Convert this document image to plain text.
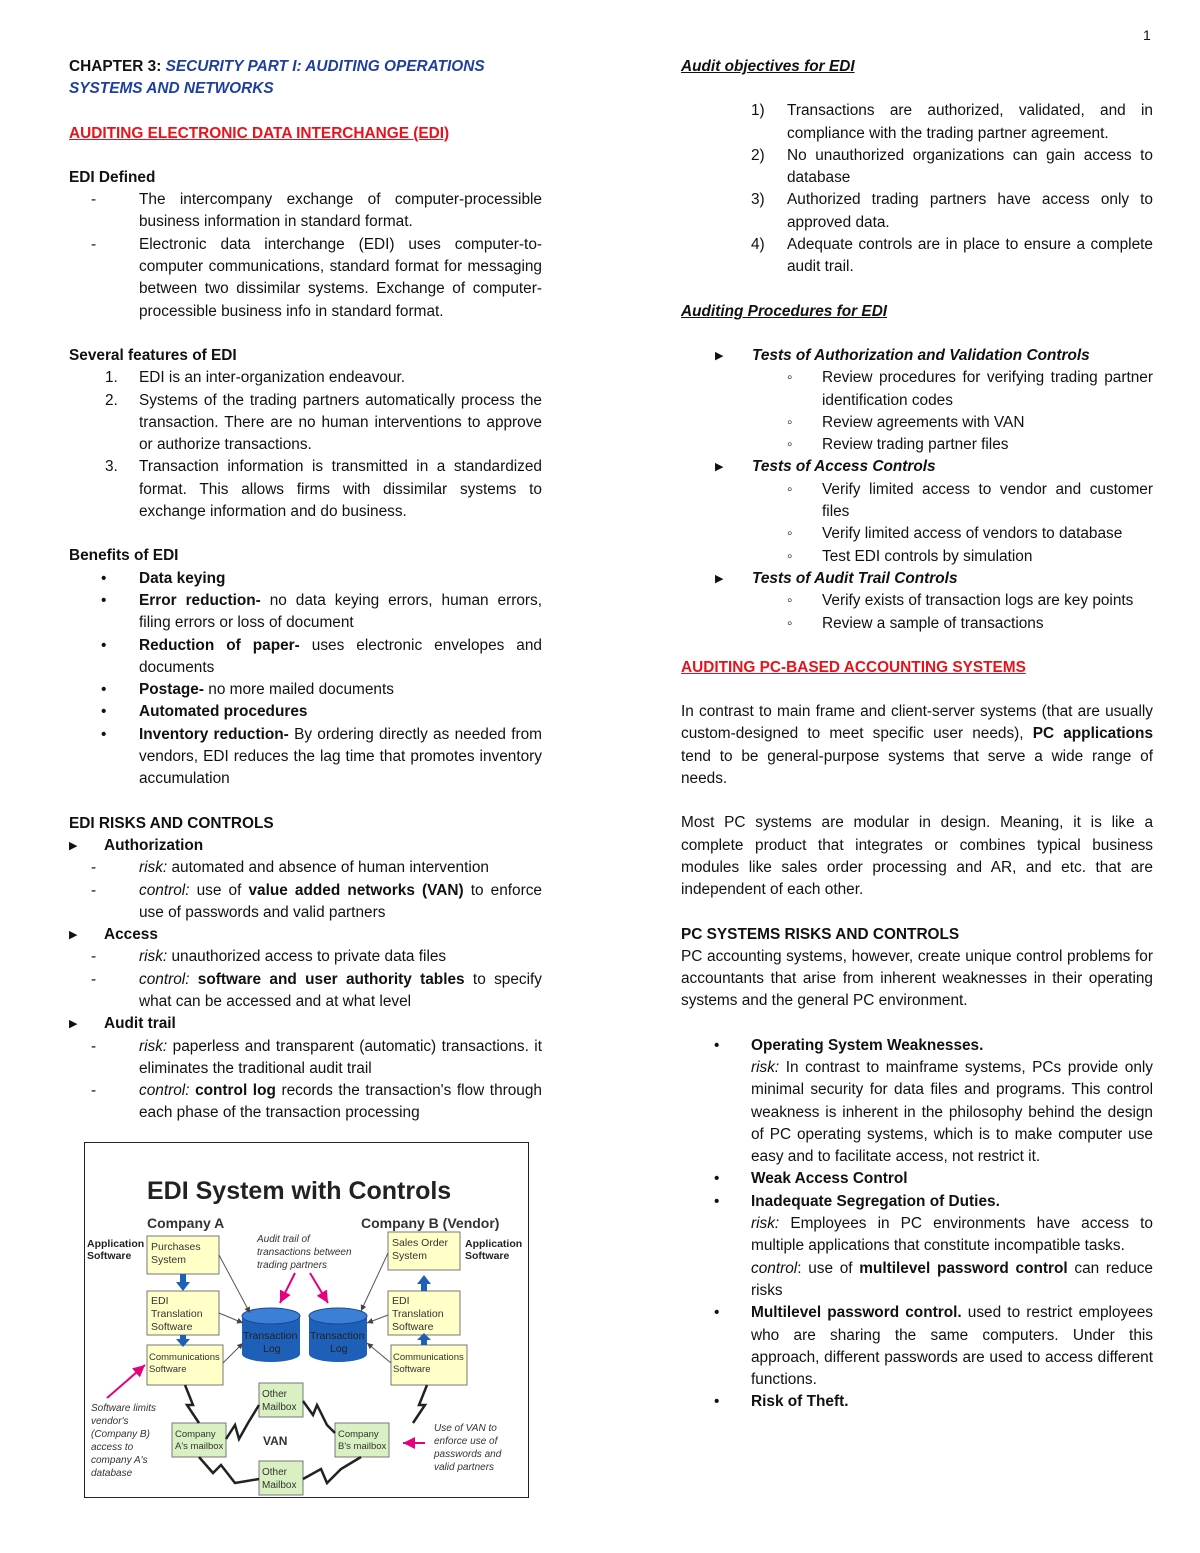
1
CHAPTER 3: SECURITY PART I: AUDITING OPERATIONS
SYSTEMS AND NETWORKS
AUDITING ELECTRONIC DATA INTERCHANGE (EDI)
EDI Defined
-	The intercompany exchange of computer-processible business information in standard format.
-	Electronic data interchange (EDI) uses computer-to-computer communications, standard format for messaging between two dissimilar systems. Exchange of computer-processible business info in standard format.
Several features of EDI
1.	EDI is an inter-organization endeavour.
2.	Systems of the trading partners automatically process the transaction. There are no human interventions to approve or authorize transactions.
3.	Transaction information is transmitted in a standardized format. This allows firms with dissimilar systems to exchange information and do business.
Benefits of EDI
•	Data keying
•	Error reduction- no data keying errors, human errors, filing errors or loss of document
•	Reduction of paper- uses electronic envelopes and documents
•	Postage- no more mailed documents
•	Automated procedures
•	Inventory reduction- By ordering directly as needed from vendors, EDI reduces the lag time that promotes inventory accumulation
EDI RISKS AND CONTROLS
▶	Authorization
-	risk: automated and absence of human intervention
-	control: use of value added networks (VAN) to enforce use of passwords and valid partners
▶	Access
-	risk: unauthorized access to private data files
-	control: software and user authority tables to specify what can be accessed and at what level
▶	Audit trail
-	risk: paperless and transparent (automatic) transactions. it eliminates the traditional audit trail
-	control: control log records the transaction's flow through each phase of the transaction processing
EDI System with Controls
Company A	Company B (Vendor)
Application
Software
Application
Software
Purchases
System
EDI
Translation
Software
Communications
Software
Sales Order
System
EDI
Translation
Software
Communications
Software
Transaction
Log
Transaction
Log
Audit trail of
transactions between
trading partners
Other
Mailbox
Company
A's mailbox
Company
B's mailbox
VAN
Other
Mailbox
Software limits
vendor's
(Company B)
access to
company A's
database
Use of VAN to
enforce use of
passwords and
valid partners
Audit objectives for EDI
1)	Transactions are authorized, validated, and in compliance with the trading partner agreement.
2)	No unauthorized organizations can gain access to database
3)	Authorized trading partners have access only to approved data.
4)	Adequate controls are in place to ensure a complete audit trail.
Auditing Procedures for EDI
▶	Tests of Authorization and Validation Controls
◦	Review procedures for verifying trading partner identification codes
◦	Review agreements with VAN
◦	Review trading partner files
▶	Tests of Access Controls
◦	Verify limited access to vendor and customer files
◦	Verify limited access of vendors to database
◦	Test EDI controls by simulation
▶	Tests of Audit Trail Controls
◦	Verify exists of transaction logs are key points
◦	Review a sample of transactions
AUDITING PC-BASED ACCOUNTING SYSTEMS
In contrast to main frame and client-server systems (that are usually custom-designed to meet specific user needs), PC applications tend to be general-purpose systems that serve a wide range of needs.
Most PC systems are modular in design. Meaning, it is like a complete product that integrates or combines typical business modules like sales order processing and AR, and etc. that are independent of each other.
PC SYSTEMS RISKS AND CONTROLS
PC accounting systems, however, create unique control problems for accountants that arise from inherent weaknesses in their operating systems and the general PC environment.
•	Operating System Weaknesses.
risk: In contrast to mainframe systems, PCs provide only minimal security for data files and programs. This control weakness is inherent in the philosophy behind the design of PC operating systems, which is to make computer use easy and to facilitate access, not restrict it.
•	Weak Access Control
•	Inadequate Segregation of Duties.
risk: Employees in PC environments have access to multiple applications that constitute incompatible tasks.
control: use of multilevel password control can reduce risks
•	Multilevel password control. used to restrict employees who are sharing the same computers. Under this approach, different passwords are used to access different functions.
•	Risk of Theft.
